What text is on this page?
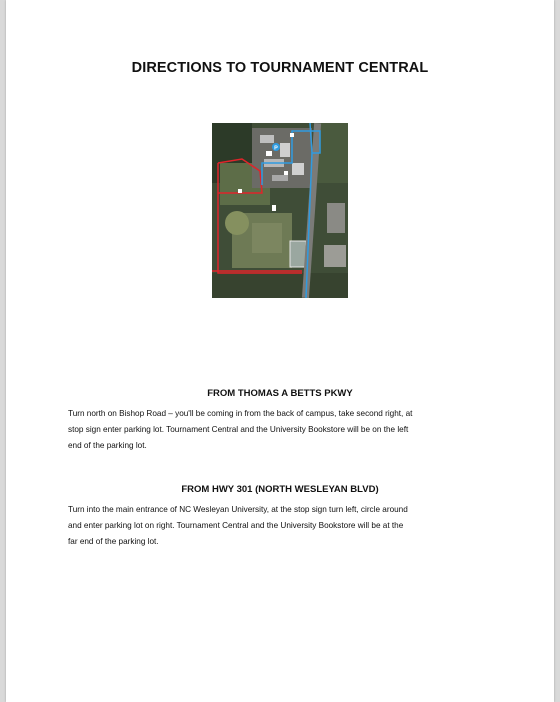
DIRECTIONS TO TOURNAMENT CENTRAL
P
FROM THOMAS A BETTS PKWY
Turn north on Bishop Road – you'll be coming in from the back of campus, take second right, at
stop sign enter parking lot. Tournament Central and the University Bookstore will be on the left
end of the parking lot.
FROM HWY 301 (NORTH WESLEYAN BLVD)
Turn into the main entrance of NC Wesleyan University, at the stop sign turn left, circle around
and enter parking lot on right. Tournament Central and the University Bookstore will be at the
far end of the parking lot.
